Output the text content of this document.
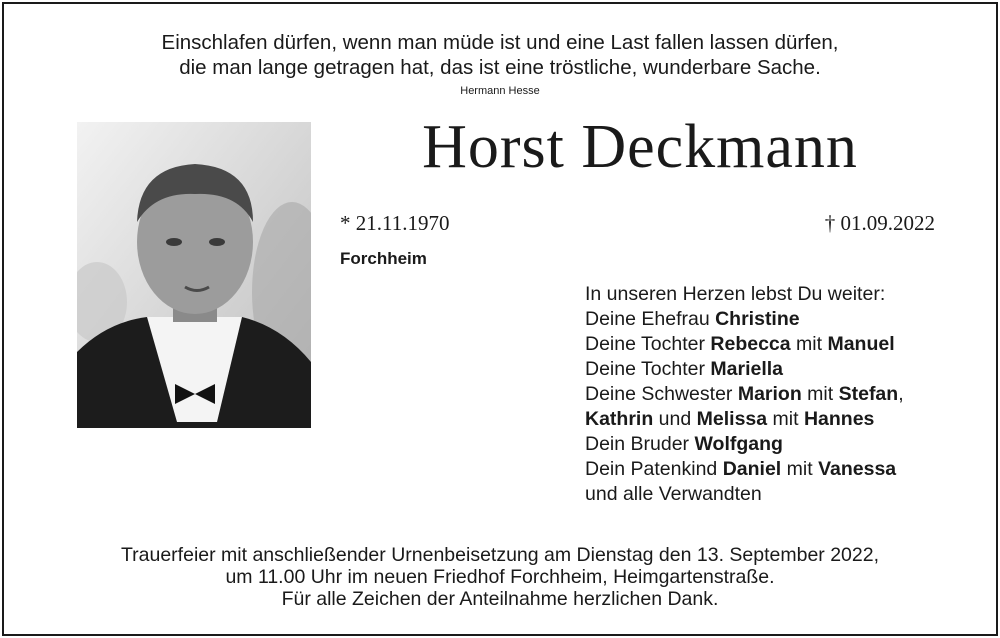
Einschlafen dürfen, wenn man müde ist und eine Last fallen lassen dürfen,
die man lange getragen hat, das ist eine tröstliche, wunderbare Sache.
Hermann Hesse
Horst Deckmann
* 21.11.1970	† 01.09.2022
Forchheim
In unseren Herzen lebst Du weiter:
Deine Ehefrau Christine
Deine Tochter Rebecca mit Manuel
Deine Tochter Mariella
Deine Schwester Marion mit Stefan,
Kathrin und Melissa mit Hannes
Dein Bruder Wolfgang
Dein Patenkind Daniel mit Vanessa
und alle Verwandten
Trauerfeier mit anschließender Urnenbeisetzung am Dienstag den 13. September 2022,
um 11.00 Uhr im neuen Friedhof Forchheim, Heimgartenstraße.
Für alle Zeichen der Anteilnahme herzlichen Dank.
